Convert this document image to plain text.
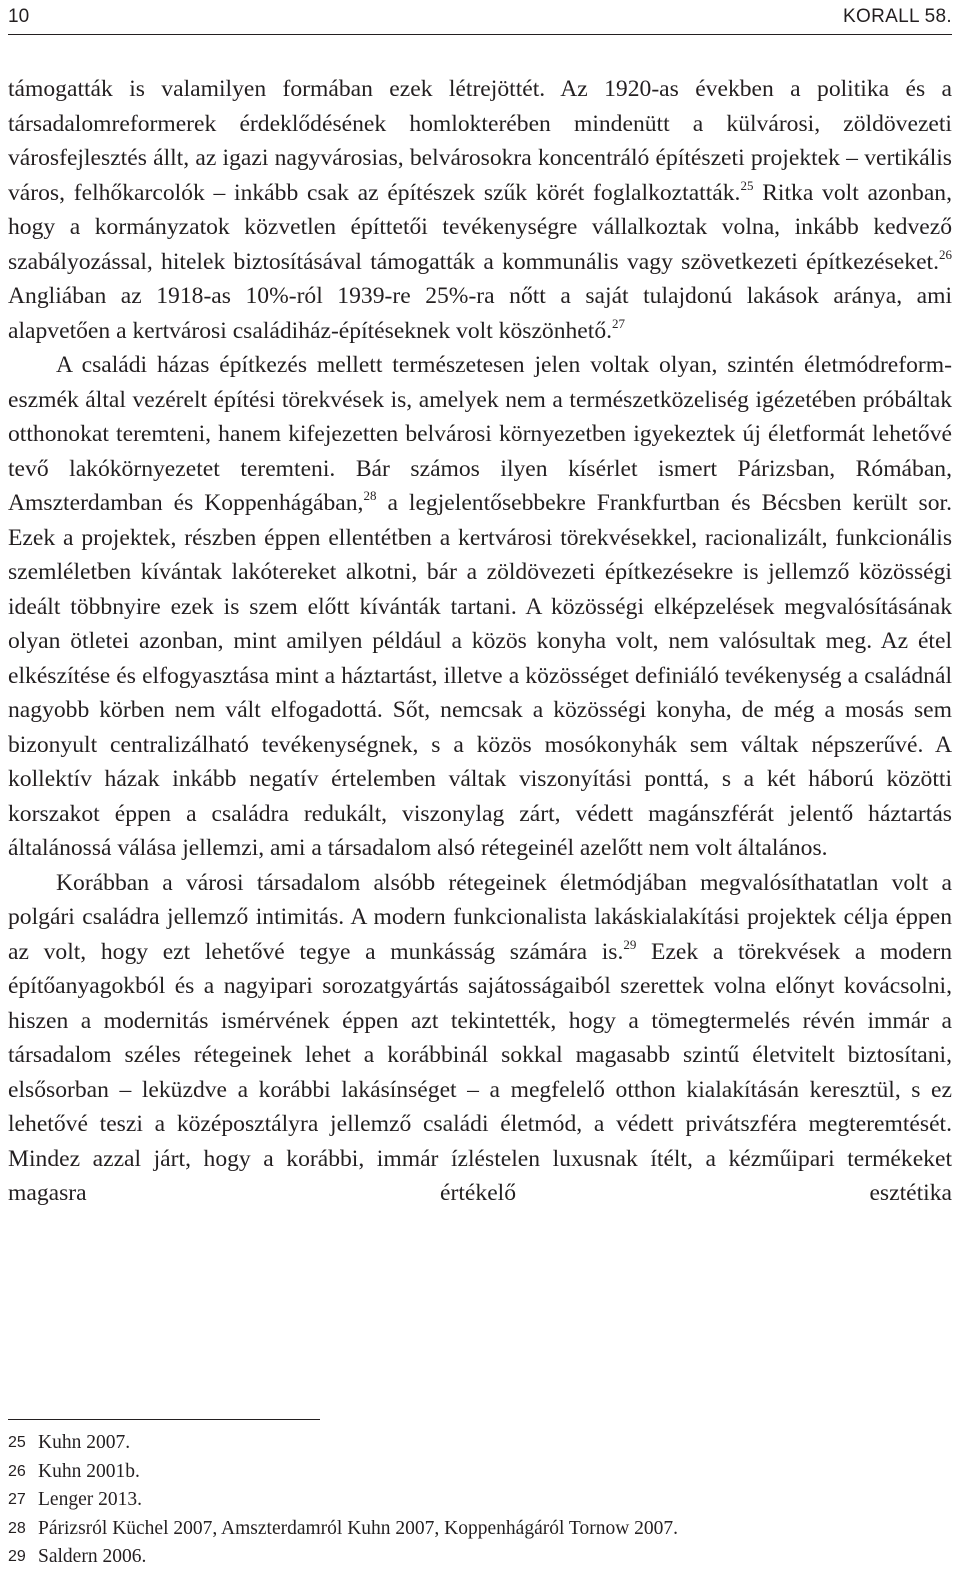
10	KORALL 58.

támogatták is valamilyen formában ezek létrejöttét. Az 1920-as években a politika és a társadalomreformerek érdeklődésének homlokterében mindenütt a külvárosi, zöldövezeti városfejlesztés állt, az igazi nagyvárosias, belvárosokra koncentráló építészeti projektek – vertikális város, felhőkarcolók – inkább csak az építészek szűk körét foglalkoztatták.$^{25}$ Ritka volt azonban, hogy a kormányzatok közvetlen építtetői tevékenységre vállalkoztak volna, inkább kedvező szabályozással, hitelek biztosításával támogatták a kommunális vagy szövetkezeti építkezéseket.$^{26}$ Angliában az 1918-as 10%-ról 1939-re 25%-ra nőtt a saját tulajdonú lakások aránya, ami alapvetően a kertvárosi családiház-építéseknek volt köszönhető.$^{27}$

A családi házas építkezés mellett természetesen jelen voltak olyan, szintén életmódreform-eszmék által vezérelt építési törekvések is, amelyek nem a természetközeliség igézetében próbáltak otthonokat teremteni, hanem kifejezetten belvárosi környezetben igyekeztek új életformát lehetővé tevő lakókörnyezetet teremteni. Bár számos ilyen kísérlet ismert Párizsban, Rómában, Amszterdamban és Koppenhágában,$^{28}$ a legjelentősebbekre Frankfurtban és Bécsben került sor. Ezek a projektek, részben éppen ellentétben a kertvárosi törekvésekkel, racionalizált, funkcionális szemléletben kívántak lakótereket alkotni, bár a zöldövezeti építkezésekre is jellemző közösségi ideált többnyire ezek is szem előtt kívánták tartani. A közösségi elképzelések megvalósításának olyan ötletei azonban, mint amilyen például a közös konyha volt, nem valósultak meg. Az étel elkészítése és elfogyasztása mint a háztartást, illetve a közösséget definiáló tevékenység a családnál nagyobb körben nem vált elfogadottá. Sőt, nemcsak a közösségi konyha, de még a mosás sem bizonyult centralizálható tevékenységnek, s a közös mosókonyhák sem váltak népszerűvé. A kollektív házak inkább negatív értelemben váltak viszonyítási ponttá, s a két háború közötti korszakot éppen a családra redukált, viszonylag zárt, védett magánszférát jelentő háztartás általánossá válása jellemzi, ami a társadalom alsó rétegeinél azelőtt nem volt általános.

Korábban a városi társadalom alsóbb rétegeinek életmódjában megvalósíthatatlan volt a polgári családra jellemző intimitás. A modern funkcionalista lakáskialakítási projektek célja éppen az volt, hogy ezt lehetővé tegye a munkásság számára is.$^{29}$ Ezek a törekvések a modern építőanyagokból és a nagyipari sorozatgyártás sajátosságaiból szerettek volna előnyt kovácsolni, hiszen a modernitás ismérvének éppen azt tekintették, hogy a tömegtermelés révén immár a társadalom széles rétegeinek lehet a korábbinál sokkal magasabb szintű életvitelt biztosítani, elsősorban – leküzdve a korábbi lakásínséget – a megfelelő otthon kialakításán keresztül, s ez lehetővé teszi a középosztályra jellemző családi életmód, a védett privátszféra megteremtését. Mindez azzal járt, hogy a korábbi, immár ízléstelen luxusnak ítélt, a kézműipari termékeket magasra értékelő esztétika

25 Kuhn 2007.
26 Kuhn 2001b.
27 Lenger 2013.
28 Párizsról Küchel 2007, Amszterdamról Kuhn 2007, Koppenhágáról Tornow 2007.
29 Saldern 2006.
